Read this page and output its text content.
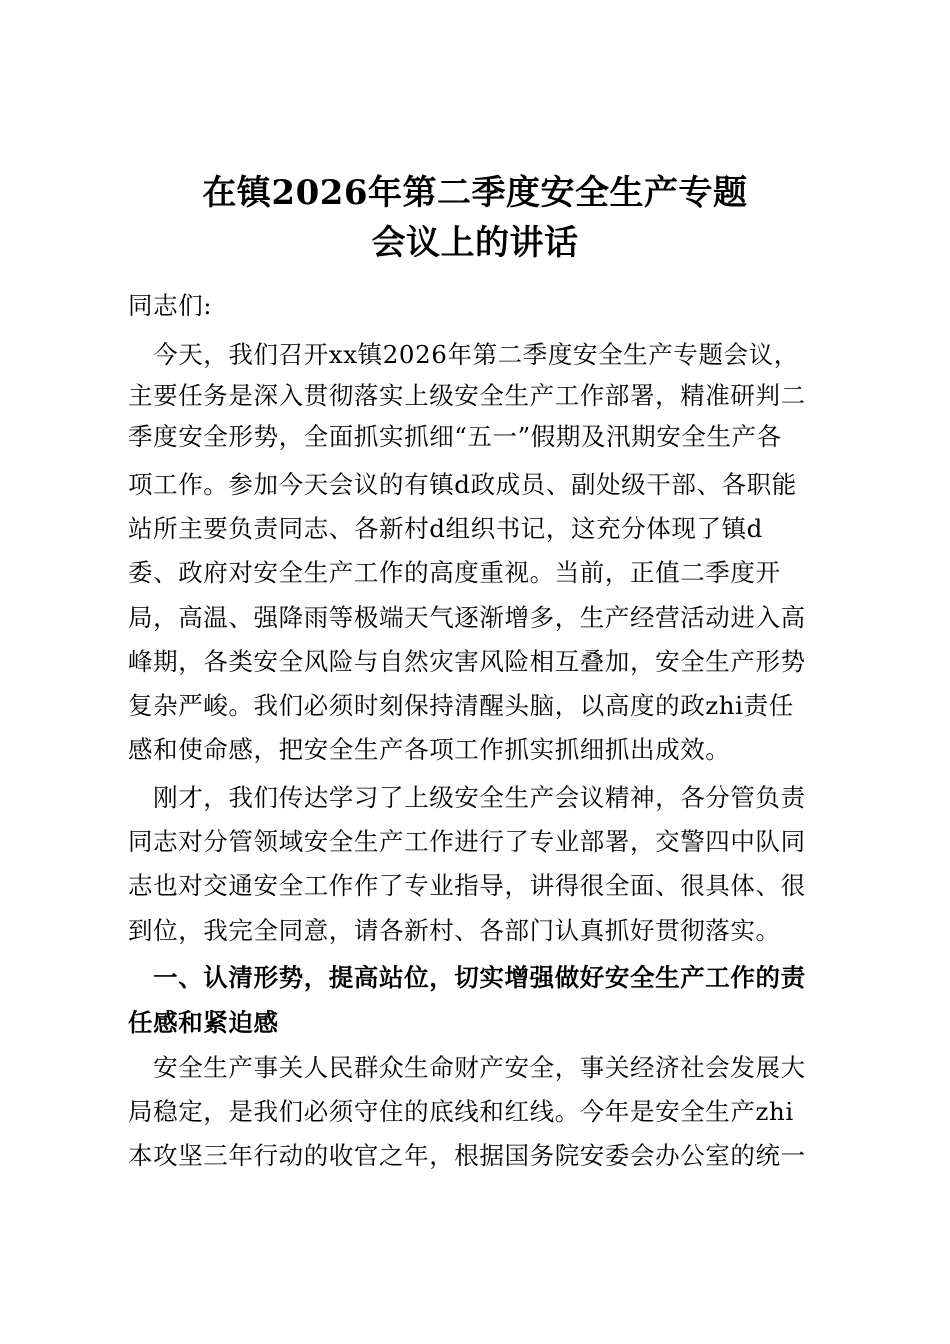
在镇2026年第二季度安全生产专题
会议上的讲话
同志们:
　今天，我们召开xx镇2026年第二季度安全生产专题会议，
主要任务是深入贯彻落实上级安全生产工作部署，精准研判二
季度安全形势，全面抓实抓细“五一”假期及汛期安全生产各
项工作。参加今天会议的有镇d政成员、副处级干部、各职能
站所主要负责同志、各新村d组织书记，这充分体现了镇d
委、政府对安全生产工作的高度重视。当前，正值二季度开
局，高温、强降雨等极端天气逐渐增多，生产经营活动进入高
峰期，各类安全风险与自然灾害风险相互叠加，安全生产形势
复杂严峻。我们必须时刻保持清醒头脑，以高度的政zhi责任
感和使命感，把安全生产各项工作抓实抓细抓出成效。
　刚才，我们传达学习了上级安全生产会议精神，各分管负责
同志对分管领域安全生产工作进行了专业部署，交警四中队同
志也对交通安全工作作了专业指导，讲得很全面、很具体、很
到位，我完全同意，请各新村、各部门认真抓好贯彻落实。
　一、认清形势，提高站位，切实增强做好安全生产工作的责
任感和紧迫感
　安全生产事关人民群众生命财产安全，事关经济社会发展大
局稳定，是我们必须守住的底线和红线。今年是安全生产zhi
本攻坚三年行动的收官之年，根据国务院安委会办公室的统一
